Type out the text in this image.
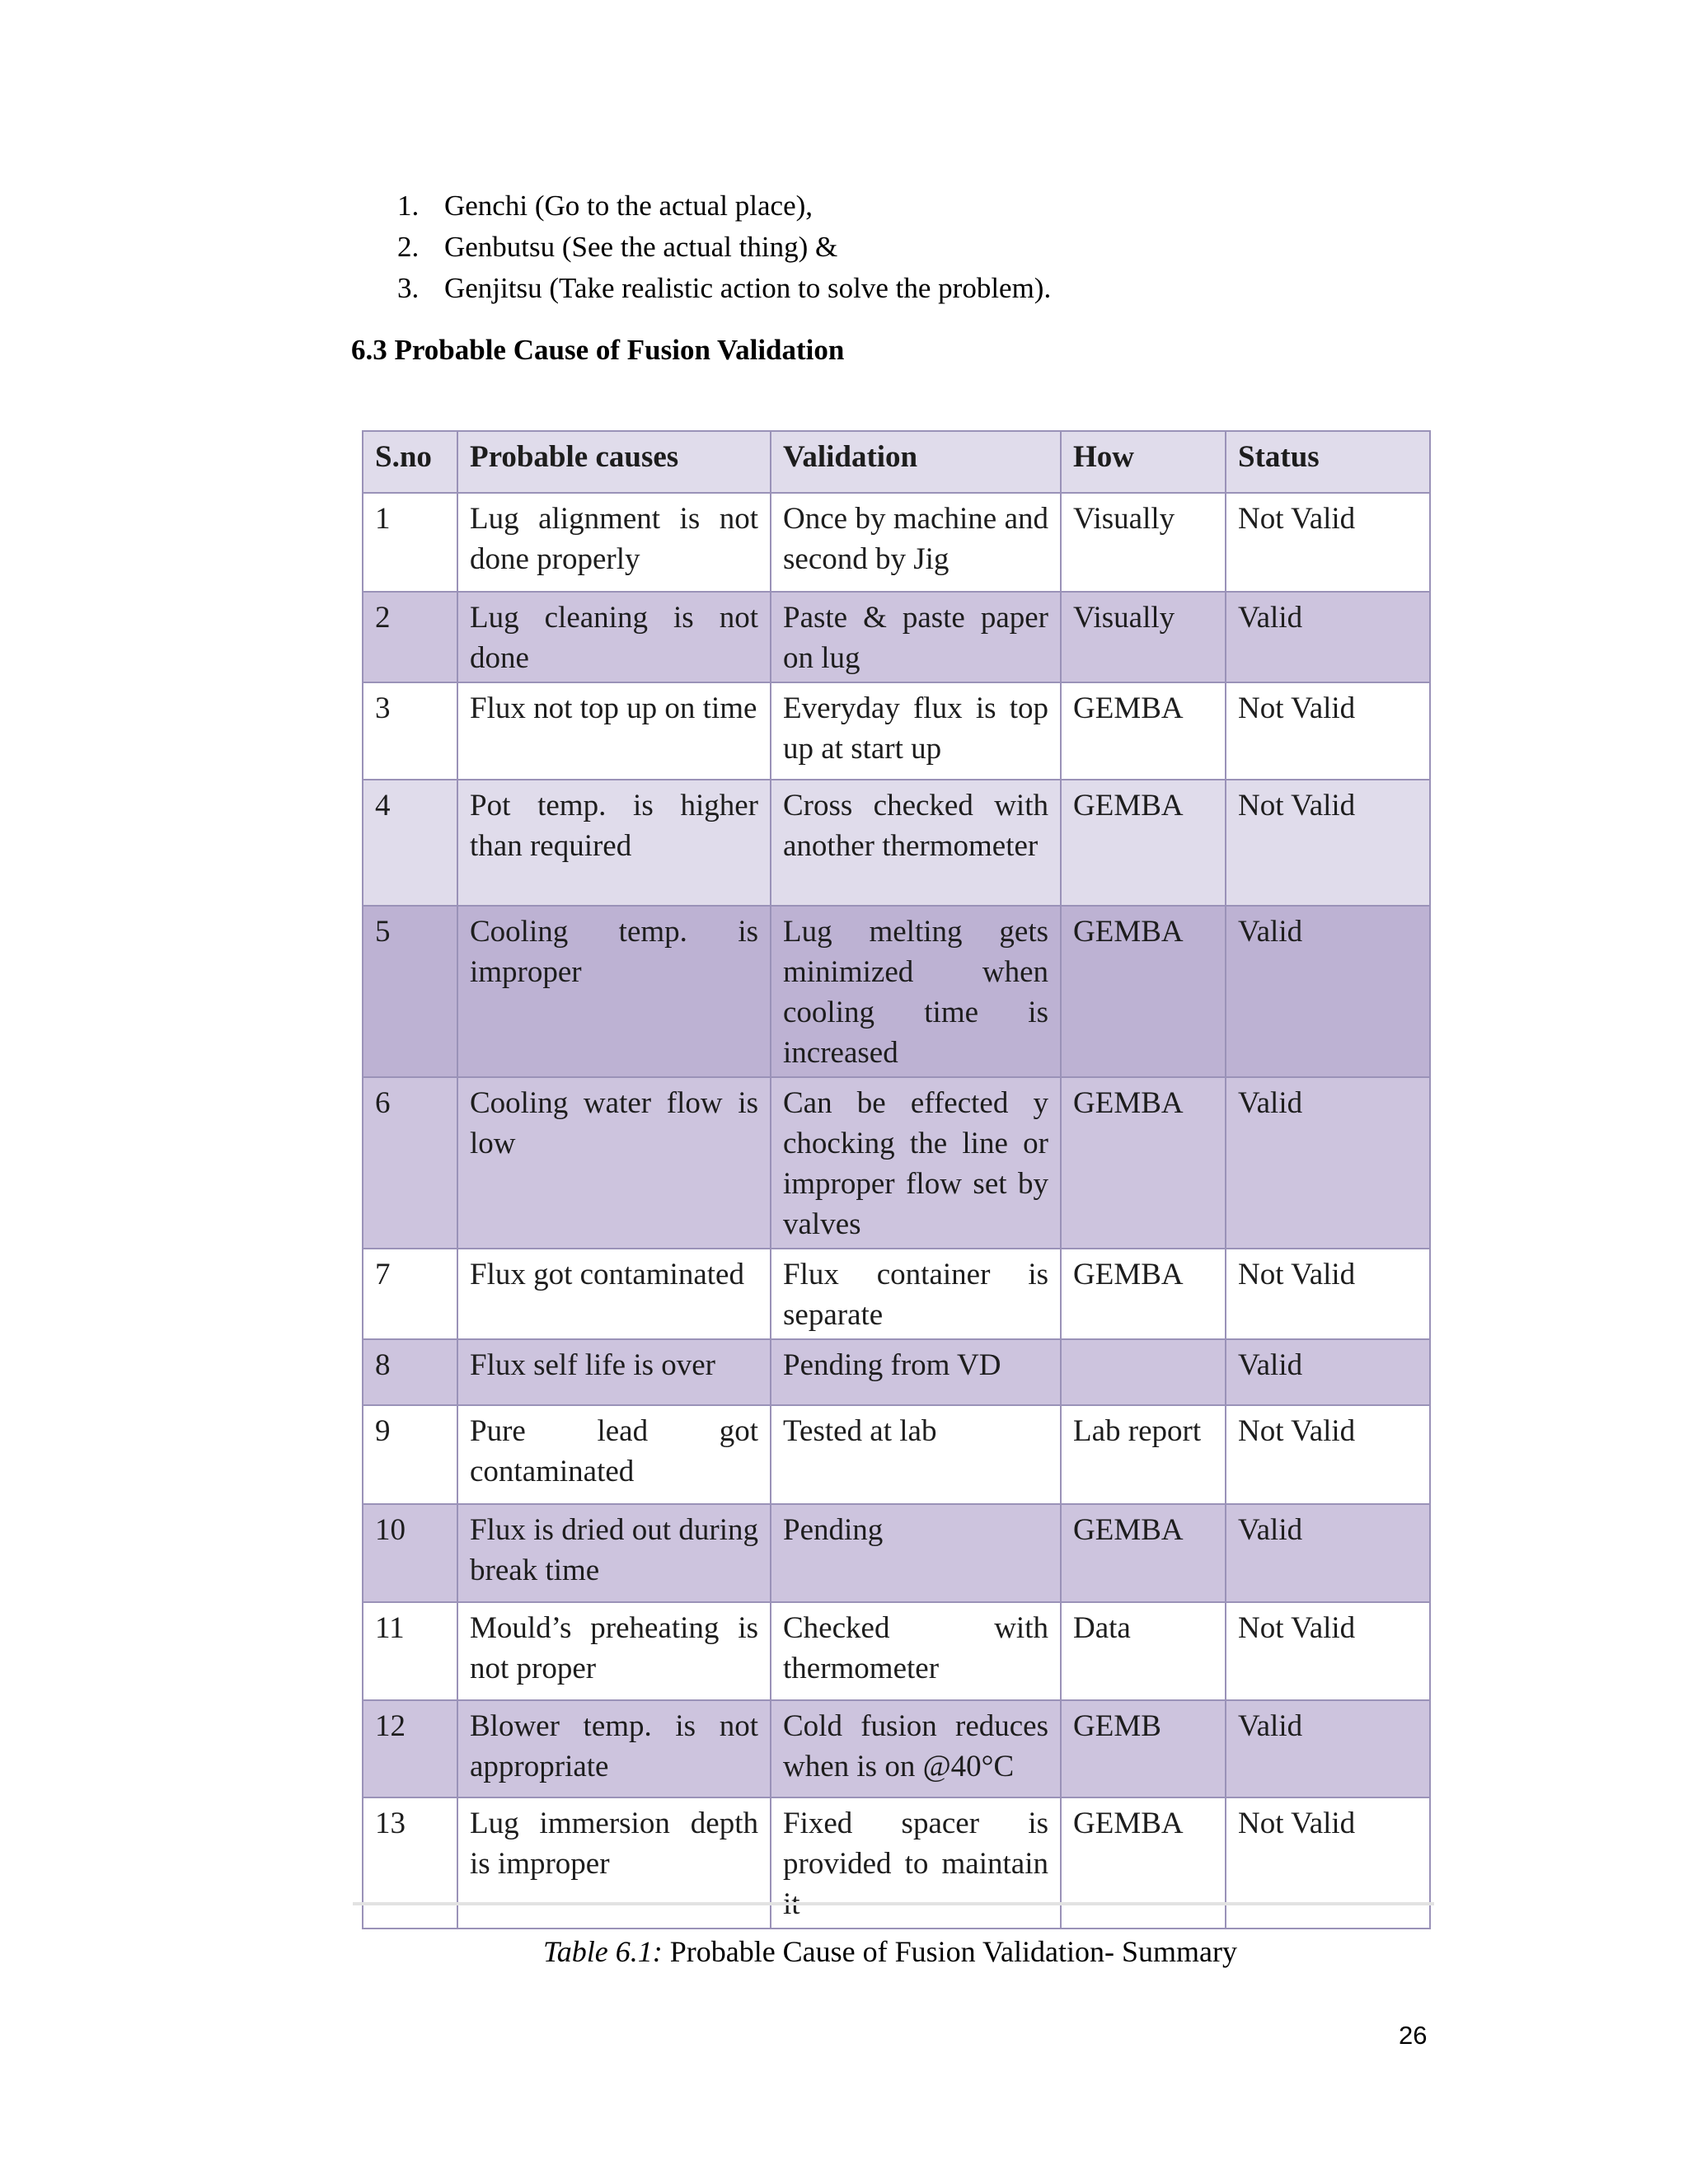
1. Genchi (Go to the actual place),
2. Genbutsu (See the actual thing) &
3. Genjitsu (Take realistic action to solve the problem).
6.3 Probable Cause of Fusion Validation
S.no	Probable causes	Validation	How	Status
1	Lug alignment is not done properly	Once by machine and second by Jig	Visually	Not Valid
2	Lug cleaning is not done	Paste & paste paper on lug	Visually	Valid
3	Flux not top up on time	Everyday flux is top up at start up	GEMBA	Not Valid
4	Pot temp. is higher than required	Cross checked with another thermometer	GEMBA	Not Valid
5	Cooling temp. is improper	Lug melting gets minimized when cooling time is increased	GEMBA	Valid
6	Cooling water flow is low	Can be effected y chocking the line or improper flow set by valves	GEMBA	Valid
7	Flux got contaminated	Flux container is separate	GEMBA	Not Valid
8	Flux self life is over	Pending from VD		Valid
9	Pure lead got contaminated	Tested at lab	Lab report	Not Valid
10	Flux is dried out during break time	Pending	GEMBA	Valid
11	Mould’s preheating is not proper	Checked with thermometer	Data	Not Valid
12	Blower temp. is not appropriate	Cold fusion reduces when is on @40°C	GEMB	Valid
13	Lug immersion depth is improper	Fixed spacer is provided to maintain	GEMBA	Not Valid
Table 6.1: Probable Cause of Fusion Validation- Summary
26
